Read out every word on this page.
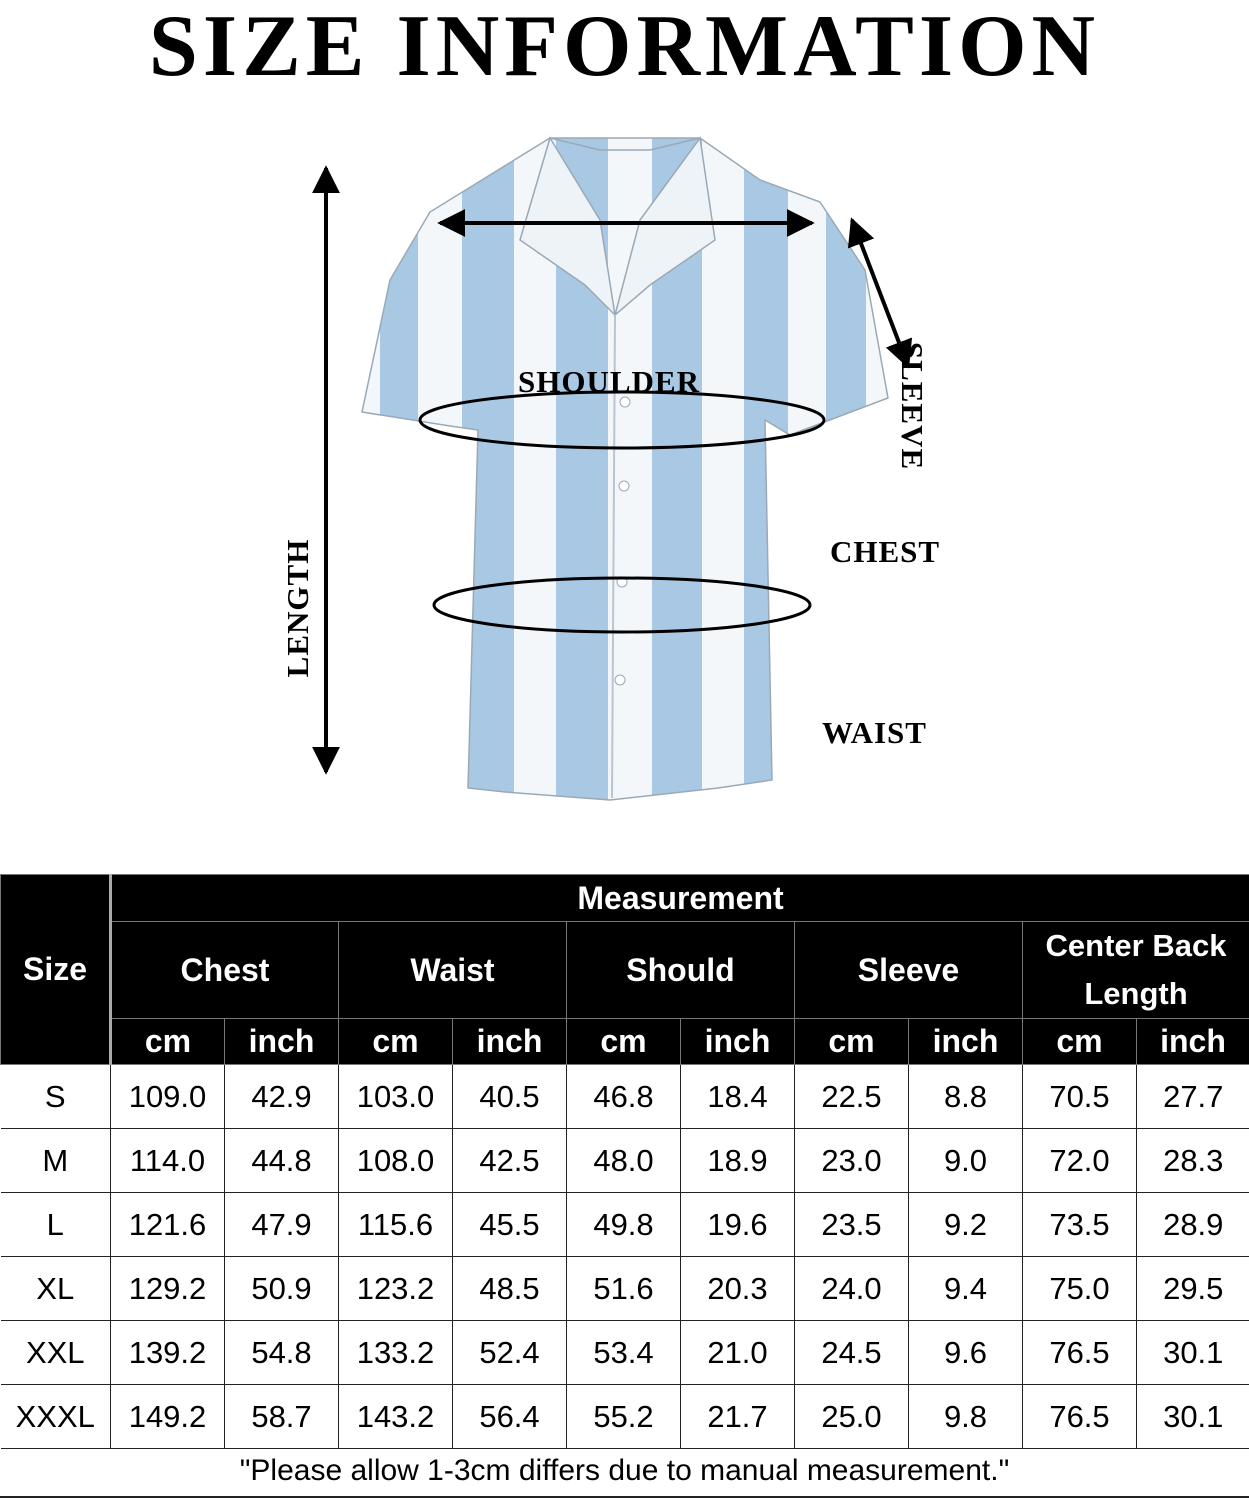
SIZE INFORMATION
SHOULDER	SLEEVE
CHEST
WAIST
LENGTH
Size	Measurement									
	Chest		Waist		Should		Sleeve		Center Back Length	
	cm	inch	cm	inch	cm	inch	cm	inch	cm	inch
S	109.0	42.9	103.0	40.5	46.8	18.4	22.5	8.8	70.5	27.7
M	114.0	44.8	108.0	42.5	48.0	18.9	23.0	9.0	72.0	28.3
L	121.6	47.9	115.6	45.5	49.8	19.6	23.5	9.2	73.5	28.9
XL	129.2	50.9	123.2	48.5	51.6	20.3	24.0	9.4	75.0	29.5
XXL	139.2	54.8	133.2	52.4	53.4	21.0	24.5	9.6	76.5	30.1
XXXL	149.2	58.7	143.2	56.4	55.2	21.7	25.0	9.8	76.5	30.1
"Please allow 1-3cm differs due to manual measurement."
